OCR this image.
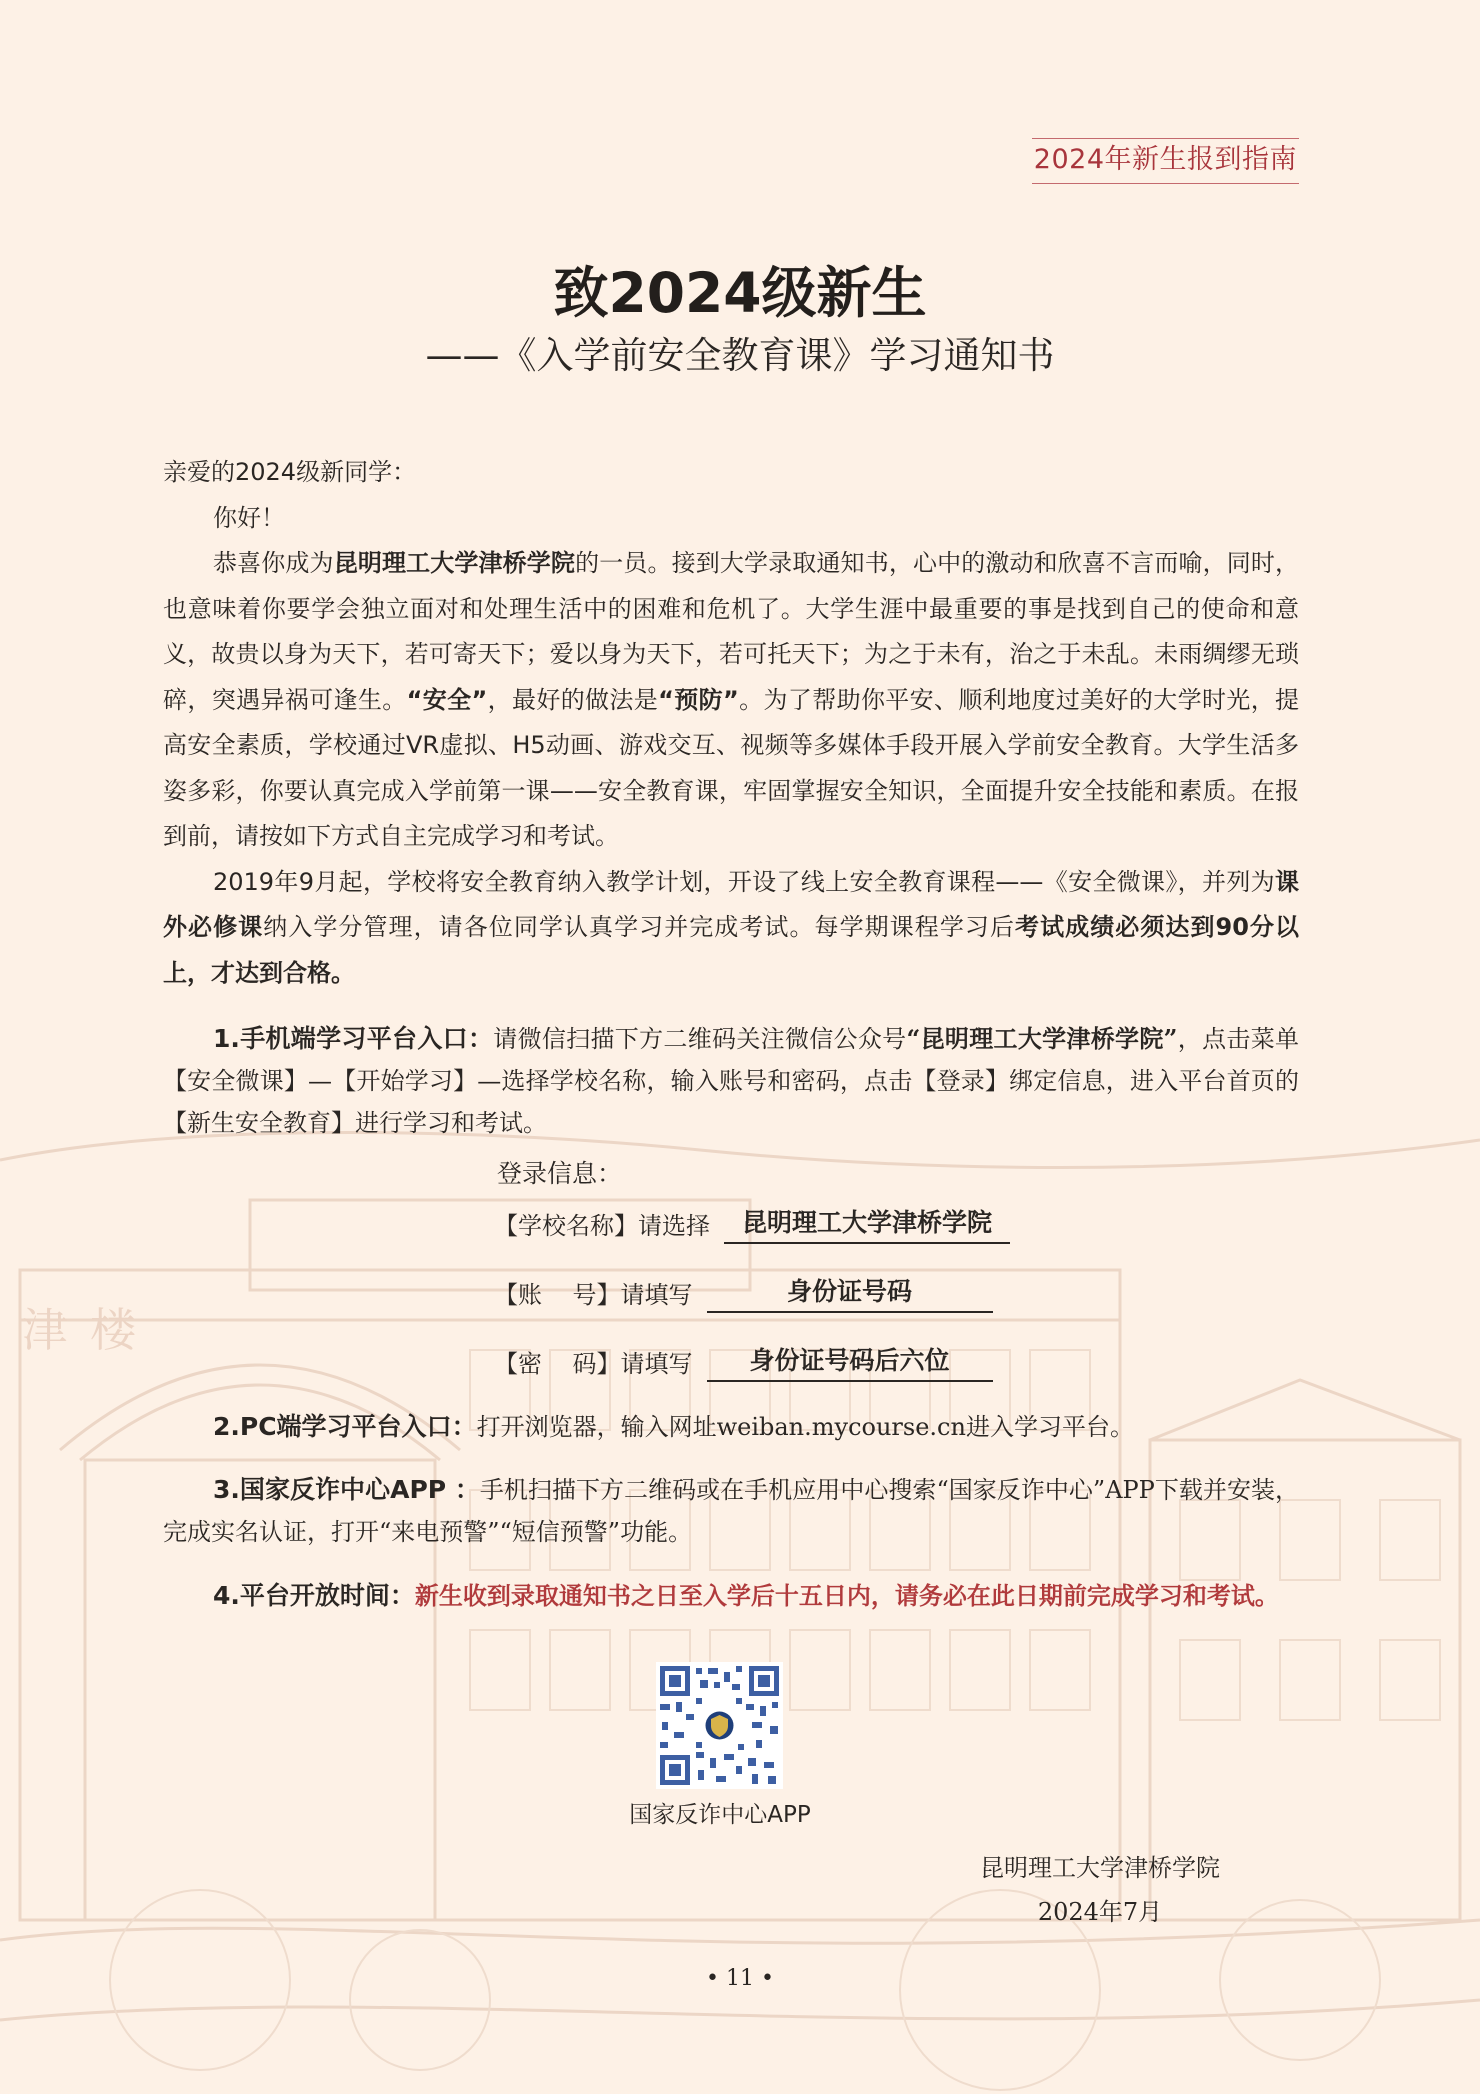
津 楼
2024年新生报到指南
致2024级新生
——《入学前安全教育课》学习通知书

亲爱的2024级新同学：

你好！

恭喜你成为昆明理工大学津桥学院的一员。接到大学录取通知书，心中的激动和欣喜不言而喻，同时，也意味着你要学会独立面对和处理生活中的困难和危机了。大学生涯中最重要的事是找到自己的使命和意义，故贵以身为天下，若可寄天下；爱以身为天下，若可托天下；为之于未有，治之于未乱。未雨绸缪无琐碎，突遇异祸可逢生。“安全”，最好的做法是“预防”。为了帮助你平安、顺利地度过美好的大学时光，提高安全素质，学校通过VR虚拟、H5动画、游戏交互、视频等多媒体手段开展入学前安全教育。大学生活多姿多彩，你要认真完成入学前第一课——安全教育课，牢固掌握安全知识，全面提升安全技能和素质。在报到前，请按如下方式自主完成学习和考试。

2019年9月起，学校将安全教育纳入教学计划，开设了线上安全教育课程——《安全微课》，并列为课外必修课纳入学分管理，请各位同学认真学习并完成考试。每学期课程学习后考试成绩必须达到90分以上，才达到合格。

1.手机端学习平台入口：请微信扫描下方二维码关注微信公众号“昆明理工大学津桥学院”，点击菜单【安全微课】—【开始学习】—选择学校名称，输入账号和密码，点击【登录】绑定信息，进入平台首页的【新生安全教育】进行学习和考试。

登录信息：
【学校名称】请选择	昆明理工大学津桥学院
【账    号】请填写	身份证号码
【密    码】请填写	身份证号码后六位

2.PC端学习平台入口：打开浏览器，输入网址weiban.mycourse.cn进入学习平台。

3.国家反诈中心APP ：手机扫描下方二维码或在手机应用中心搜索“国家反诈中心”APP下载并安装，完成实名认证，打开“来电预警”“短信预警”功能。

4.平台开放时间：新生收到录取通知书之日至入学后十五日内，请务必在此日期前完成学习和考试。

国家反诈中心APP
昆明理工大学津桥学院
2024年7月
• 11 •
